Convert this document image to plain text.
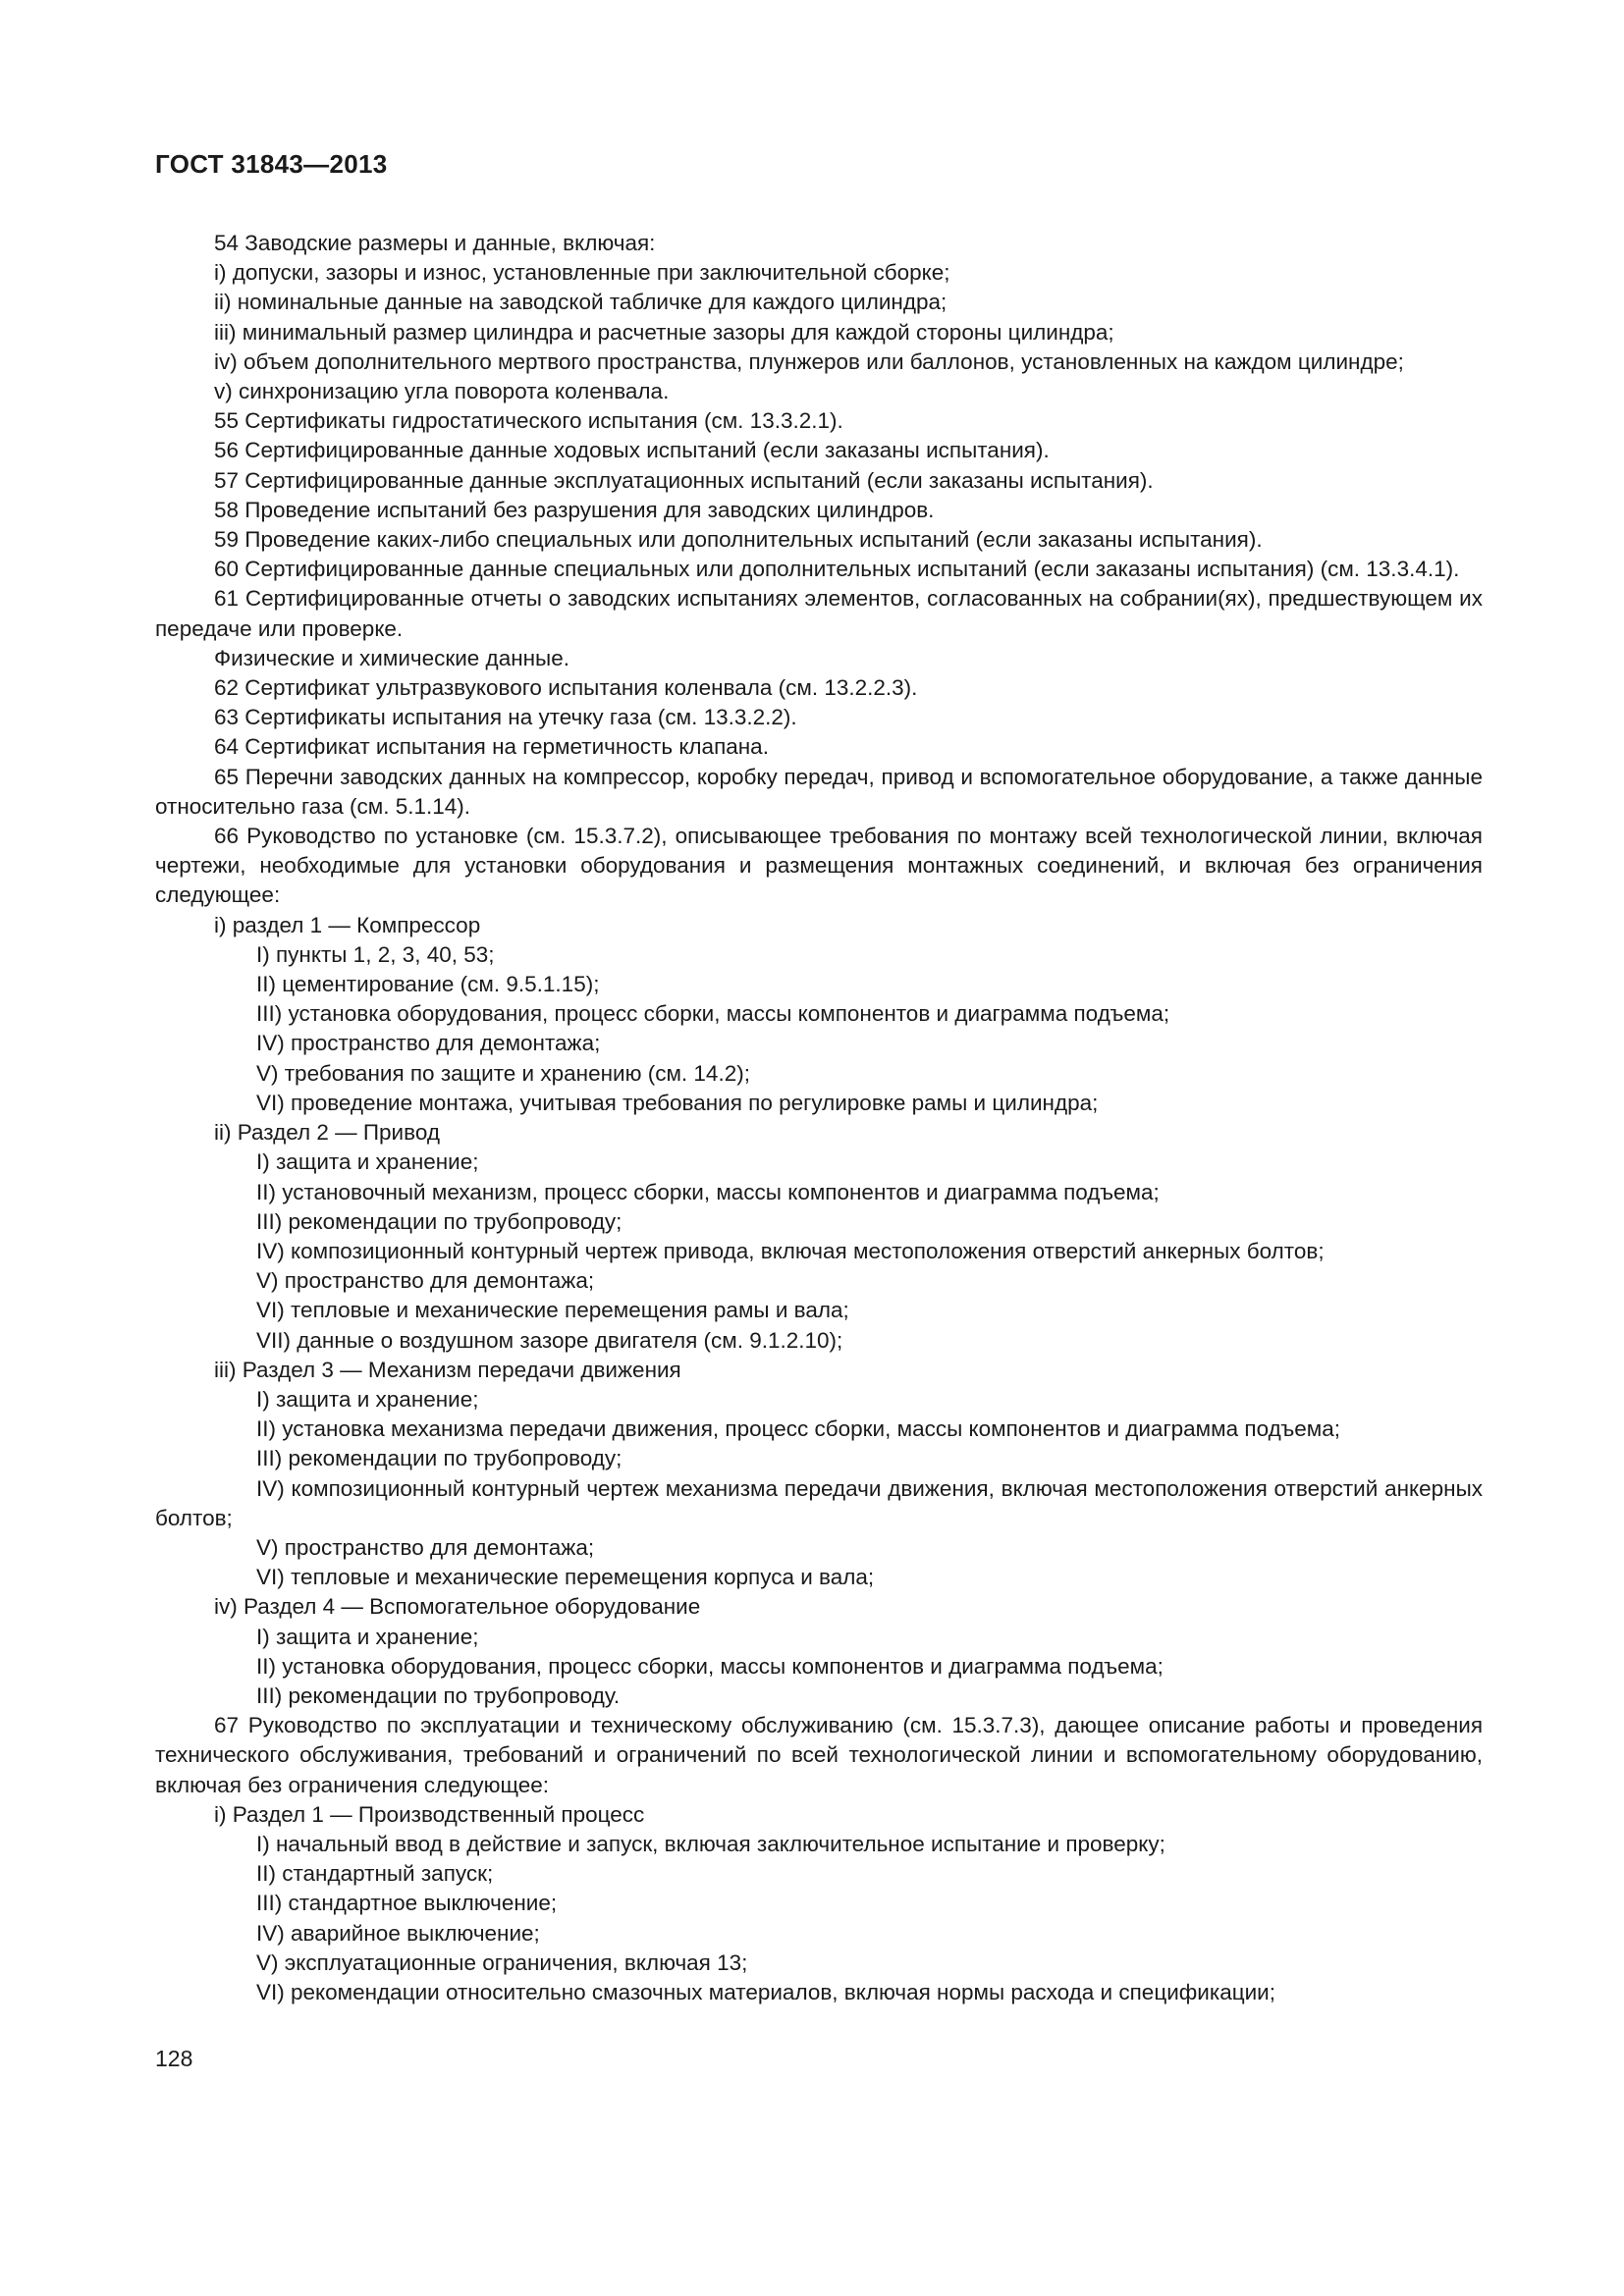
ГОСТ 31843—2013

54 Заводские размеры и данные, включая:

i) допуски, зазоры и износ, установленные при заключительной сборке;

ii) номинальные данные на заводской табличке для каждого цилиндра;

iii) минимальный размер цилиндра и расчетные зазоры для каждой стороны цилиндра;

iv) объем дополнительного мертвого пространства, плунжеров или баллонов, установленных на каждом цилиндре;

v) синхронизацию угла поворота коленвала.

55 Сертификаты гидростатического испытания (см. 13.3.2.1).

56 Сертифицированные данные ходовых испытаний (если заказаны испытания).

57 Сертифицированные данные эксплуатационных испытаний (если заказаны испытания).

58 Проведение испытаний без разрушения для заводских цилиндров.

59 Проведение каких-либо специальных или дополнительных испытаний (если заказаны испытания).

60 Сертифицированные данные специальных или дополнительных испытаний (если заказаны испытания) (см. 13.3.4.1).

61 Сертифицированные отчеты о заводских испытаниях элементов, согласованных на собрании(ях), предшествующем их передаче или проверке.

Физические и химические данные.

62 Сертификат ультразвукового испытания коленвала (см. 13.2.2.3).

63 Сертификаты испытания на утечку газа (см. 13.3.2.2).

64 Сертификат испытания на герметичность клапана.

65 Перечни заводских данных на компрессор, коробку передач, привод и вспомогательное оборудование, а также данные относительно газа (см. 5.1.14).

66 Руководство по установке (см. 15.3.7.2), описывающее требования по монтажу всей технологической линии, включая чертежи, необходимые для установки оборудования и размещения монтажных соединений, и включая без ограничения следующее:

i) раздел 1 — Компрессор

I) пункты 1, 2, 3, 40, 53;

II) цементирование (см. 9.5.1.15);

III) установка оборудования, процесс сборки, массы компонентов и диаграмма подъема;

IV) пространство для демонтажа;

V) требования по защите и хранению (см. 14.2);

VI) проведение монтажа, учитывая требования по регулировке рамы и цилиндра;

ii) Раздел 2 — Привод

I) защита и хранение;

II) установочный механизм, процесс сборки, массы компонентов и диаграмма подъема;

III) рекомендации по трубопроводу;

IV) композиционный контурный чертеж привода, включая местоположения отверстий анкерных болтов;

V) пространство для демонтажа;

VI) тепловые и механические перемещения рамы и вала;

VII) данные о воздушном зазоре двигателя (см. 9.1.2.10);

iii) Раздел 3 — Механизм передачи движения

I) защита и хранение;

II) установка механизма передачи движения, процесс сборки, массы компонентов и диаграмма подъема;

III) рекомендации по трубопроводу;

IV) композиционный контурный чертеж механизма передачи движения, включая местоположения отверстий анкерных болтов;

V) пространство для демонтажа;

VI) тепловые и механические перемещения корпуса и вала;

iv) Раздел 4 — Вспомогательное оборудование

I) защита и хранение;

II) установка оборудования, процесс сборки, массы компонентов и диаграмма подъема;

III) рекомендации по трубопроводу.

67 Руководство по эксплуатации и техническому обслуживанию (см. 15.3.7.3), дающее описание работы и проведения технического обслуживания, требований и ограничений по всей технологической линии и вспомогательному оборудованию, включая без ограничения следующее:

i) Раздел 1 — Производственный процесс

I) начальный ввод в действие и запуск, включая заключительное испытание и проверку;

II) стандартный запуск;

III) стандартное выключение;

IV) аварийное выключение;

V) эксплуатационные ограничения, включая 13;

VI) рекомендации относительно смазочных материалов, включая нормы расхода и спецификации;

128
